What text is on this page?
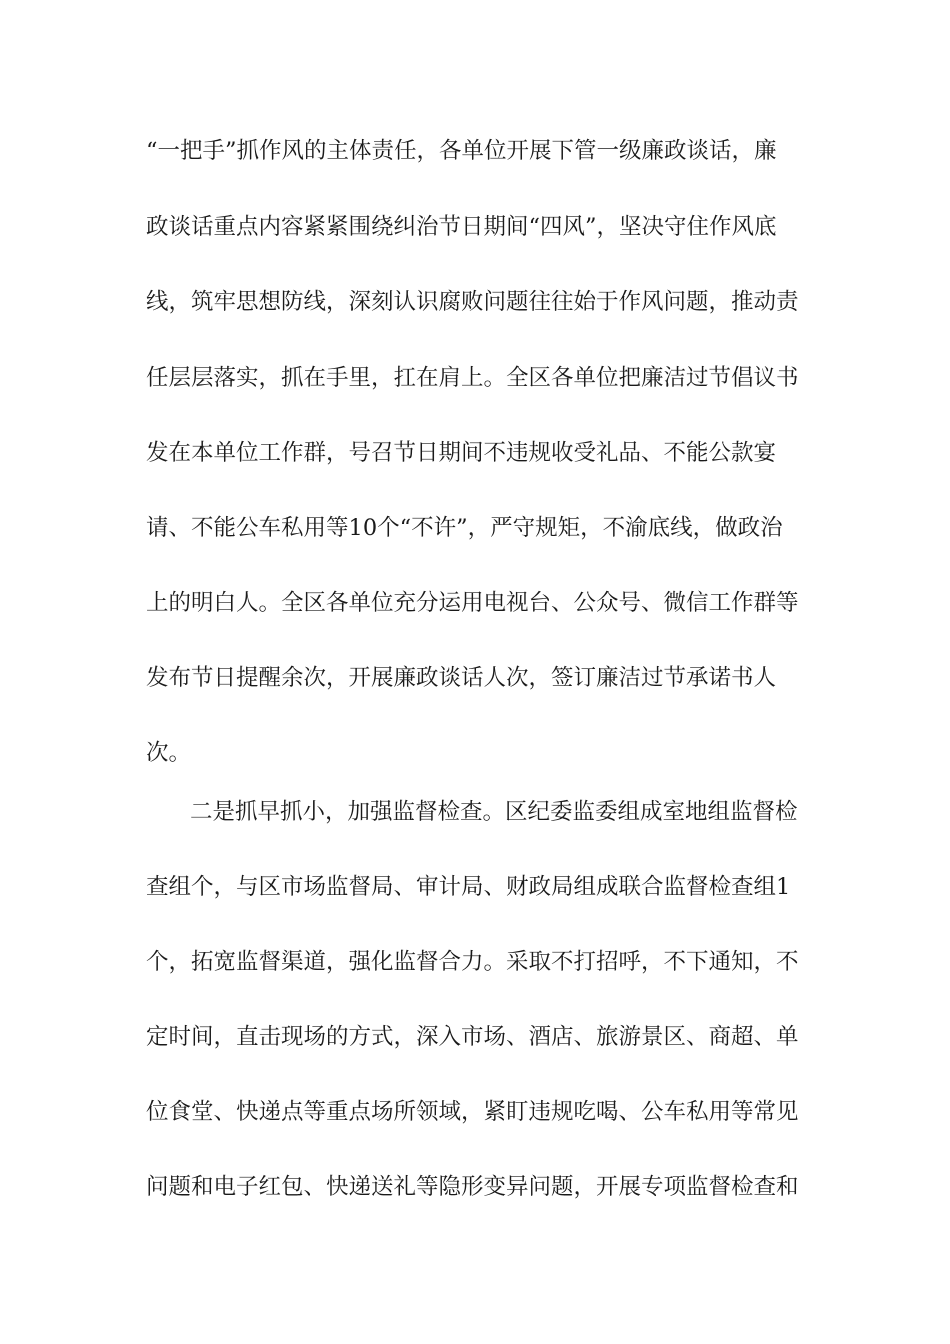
“一把手”抓作风的主体责任，各单位开展下管一级廉政谈话，廉
政谈话重点内容紧紧围绕纠治节日期间“四风”，坚决守住作风底
线，筑牢思想防线，深刻认识腐败问题往往始于作风问题，推动责
任层层落实，抓在手里，扛在肩上。全区各单位把廉洁过节倡议书
发在本单位工作群，号召节日期间不违规收受礼品、不能公款宴
请、不能公车私用等10个“不许”，严守规矩，不渝底线，做政治
上的明白人。全区各单位充分运用电视台、公众号、微信工作群等
发布节日提醒余次，开展廉政谈话人次，签订廉洁过节承诺书人
次。
二是抓早抓小，加强监督检查。区纪委监委组成室地组监督检
查组个，与区市场监督局、审计局、财政局组成联合监督检查组1
个，拓宽监督渠道，强化监督合力。采取不打招呼，不下通知，不
定时间，直击现场的方式，深入市场、酒店、旅游景区、商超、单
位食堂、快递点等重点场所领域，紧盯违规吃喝、公车私用等常见
问题和电子红包、快递送礼等隐形变异问题，开展专项监督检查和
